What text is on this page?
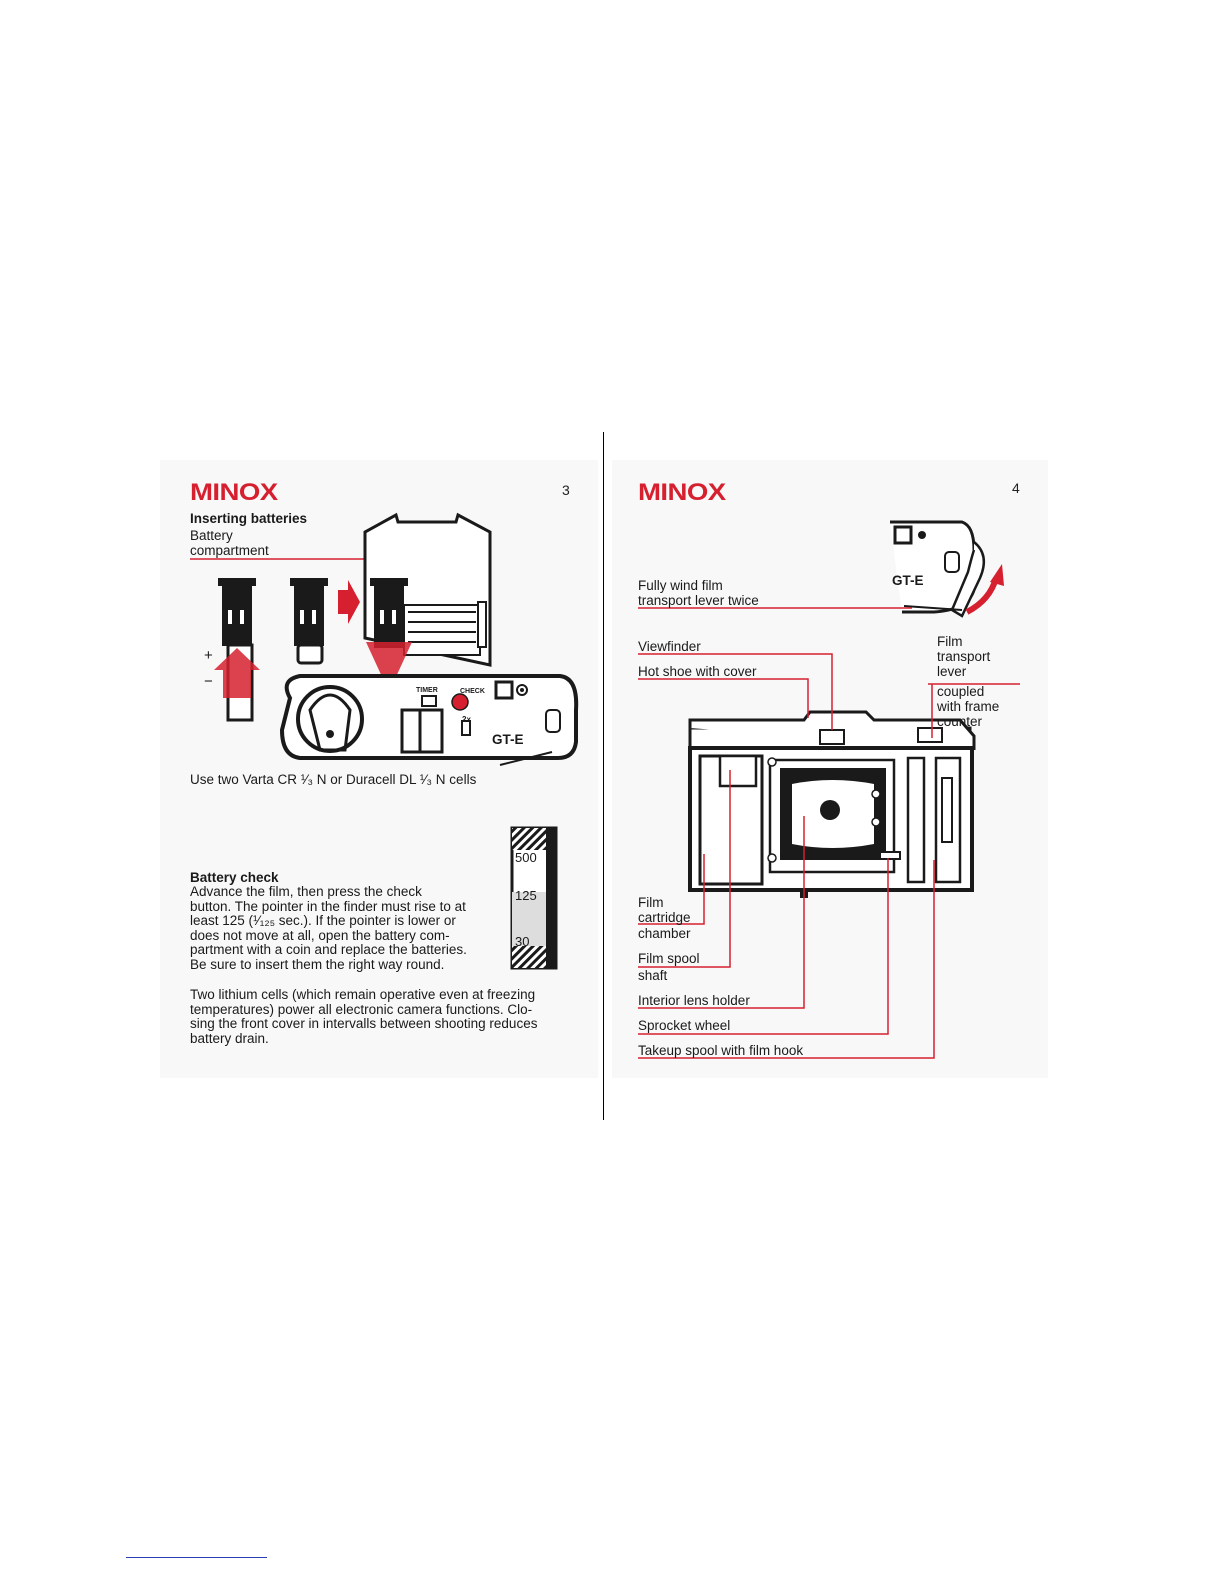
MINOX	3
Inserting batteries
Battery
compartment
+
−
TIMER	CHECK
2x
GT-E
Use two Varta CR ¹⁄₃ N or Duracell DL ¹⁄₃ N cells
500
125
30
Battery check
Advance the film, then press the check
button. The pointer in the finder must rise to at
least 125 (¹⁄₁₂₅ sec.). If the pointer is lower or
does not move at all, open the battery com-
partment with a coin and replace the batteries.
Be sure to insert them the right way round.
Two lithium cells (which remain operative even at freezing
temperatures) power all electronic camera functions. Clo-
sing the front cover in intervalls between shooting reduces
battery drain.
MINOX	4
GT-E
Fully wind film
transport lever twice
Viewfinder
Hot shoe with cover
Film
transport
lever
coupled
with frame
counter
Film
cartridge
chamber
Film spool
shaft
Interior lens holder
Sprocket wheel
Takeup spool with film hook
